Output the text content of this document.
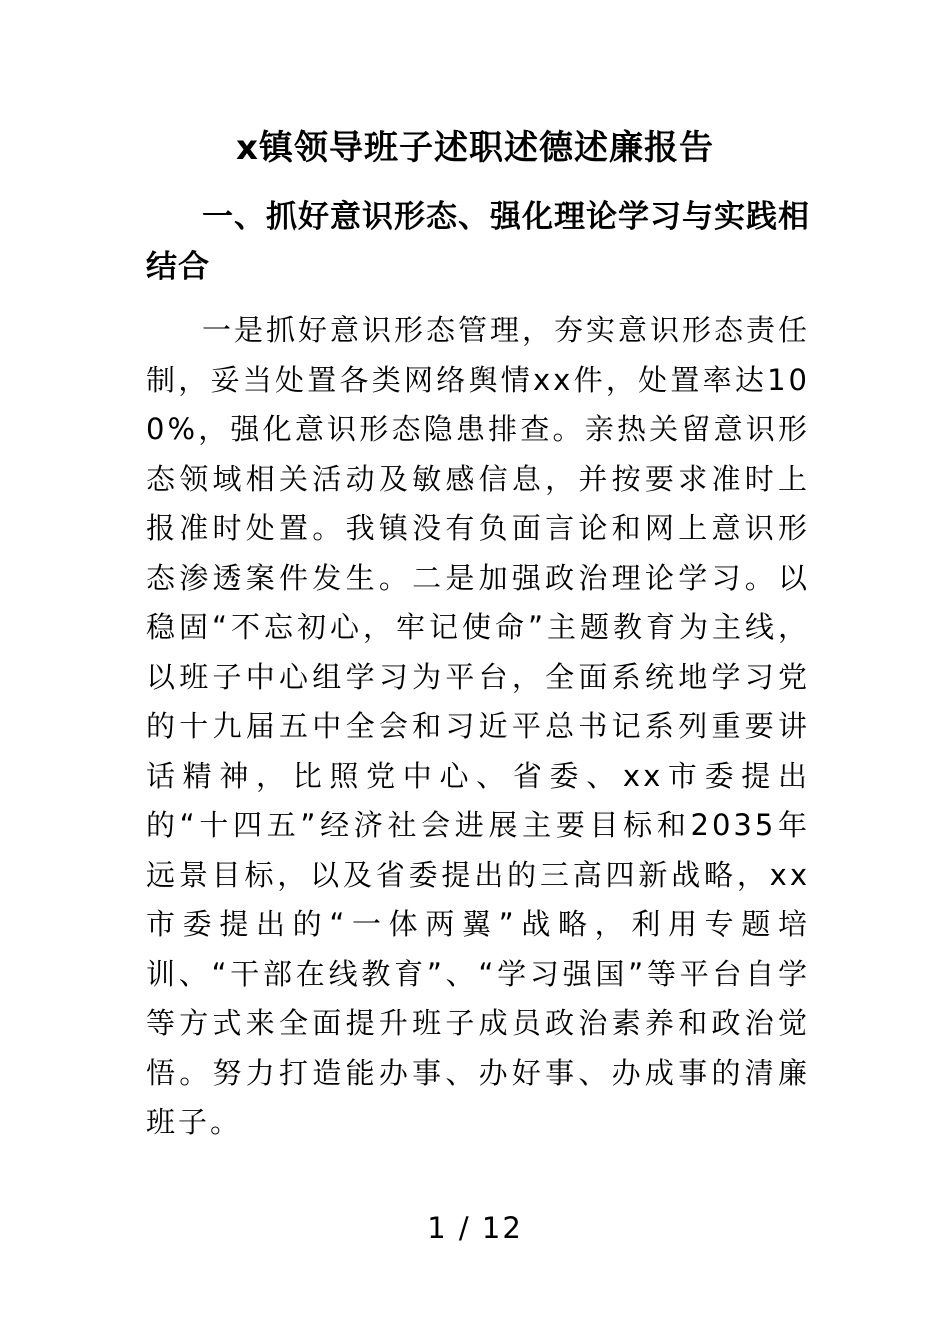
x镇领导班子述职述德述廉报告
一、抓好意识形态、强化理论学习与实践相结合
一是抓好意识形态管理，夯实意识形态责任制，妥当处置各类网络舆情xx件，处置率达100%，强化意识形态隐患排查。亲热关留意识形态领域相关活动及敏感信息，并按要求准时上报准时处置。我镇没有负面言论和网上意识形态渗透案件发生。二是加强政治理论学习。以稳固“不忘初心，牢记使命”主题教育为主线，以班子中心组学习为平台，全面系统地学习党的十九届五中全会和习近平总书记系列重要讲话精神，比照党中心、省委、xx市委提出的“十四五”经济社会进展主要目标和2035年远景目标，以及省委提出的三高四新战略，xx市委提出的“一体两翼”战略，利用专题培训、“干部在线教育”、“学习强国”等平台自学等方式来全面提升班子成员政治素养和政治觉悟。努力打造能办事、办好事、办成事的清廉班子。
1 / 12
